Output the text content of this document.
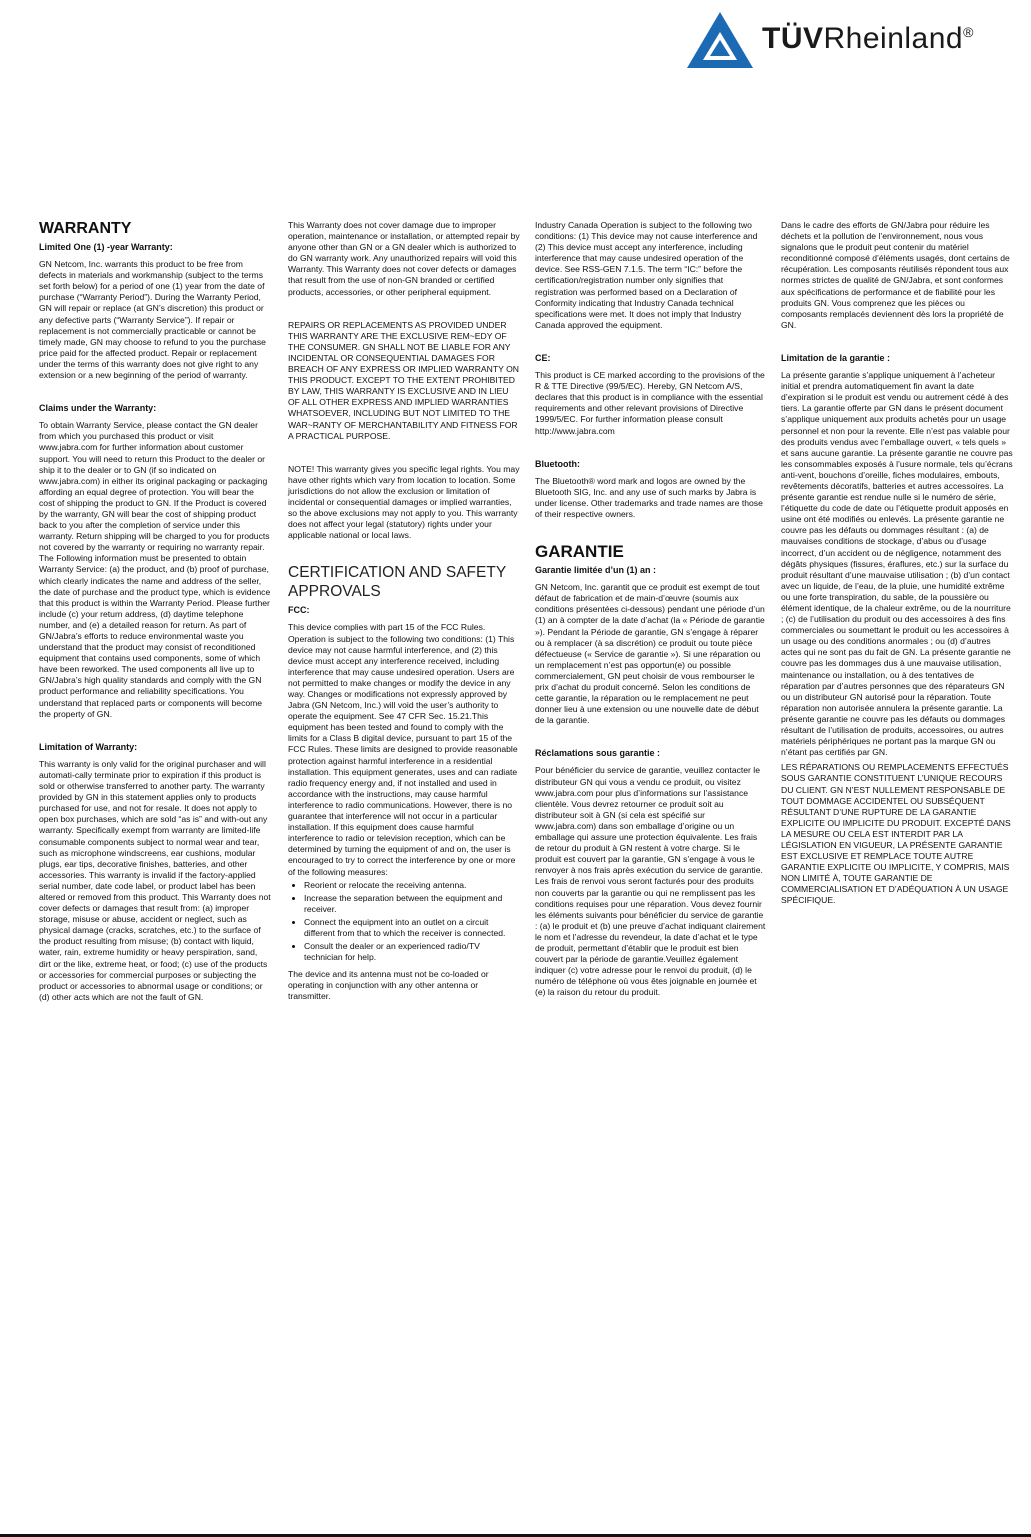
TÜVRheinland®
WARRANTY
Limited One (1) -year Warranty:

GN Netcom, Inc. warrants this product to be free from defects in materials and workmanship (subject to the terms set forth below) for a period of one (1) year from the date of purchase (“Warranty Period”). During the Warranty Period, GN will repair or replace (at GN’s discretion) this product or any defective parts (“Warranty Service”). If repair or replacement is not commercially practicable or cannot be timely made, GN may choose to refund to you the purchase price paid for the affected product. Repair or replacement under the terms of this warranty does not give right to any extension or a new beginning of the period of warranty.

Claims under the Warranty:

To obtain Warranty Service, please contact the GN dealer from which you purchased this product or visit www.jabra.com for further information about customer support. You will need to return this Product to the dealer or ship it to the dealer or to GN (if so indicated on www.jabra.com) in either its original packaging or packaging affording an equal degree of protection. You will bear the cost of shipping the product to GN. If the Product is covered by the warranty, GN will bear the cost of shipping product back to you after the completion of service under this warranty. Return shipping will be charged to you for products not covered by the warranty or requiring no warranty repair. The Following information must be presented to obtain Warranty Service: (a) the product, and (b) proof of purchase, which clearly indicates the name and address of the seller, the date of purchase and the product type, which is evidence that this product is within the Warranty Period. Please further include (c) your return address, (d) daytime telephone number, and (e) a detailed reason for return. As part of GN/Jabra’s efforts to reduce environmental waste you understand that the product may consist of reconditioned equipment that contains used components, some of which have been reworked. The used components all live up to GN/Jabra’s high quality standards and comply with the GN product performance and reliability specifications. You understand that replaced parts or components will become the property of GN.

Limitation of Warranty:

This warranty is only valid for the original purchaser and will automati-cally terminate prior to expiration if this product is sold or otherwise transferred to another party. The warranty provided by GN in this statement applies only to products purchased for use, and not for resale. It does not apply to open box purchases, which are sold “as is” and with-out any warranty. Specifically exempt from warranty are limited-life consumable components subject to normal wear and tear, such as microphone windscreens, ear cushions, modular plugs, ear tips, decorative finishes, batteries, and other accessories. This warranty is invalid if the factory-applied serial number, date code label, or product label has been altered or removed from this product. This Warranty does not cover defects or damages that result from: (a) improper storage, misuse or abuse, accident or neglect, such as physical damage (cracks, scratches, etc.) to the surface of the product resulting from misuse; (b) contact with liquid, water, rain, extreme humidity or heavy perspiration, sand, dirt or the like, extreme heat, or food; (c) use of the products or accessories for commercial purposes or subjecting the product or accessories to abnormal usage or conditions; or (d) other acts which are not the fault of GN.

This Warranty does not cover damage due to improper operation, maintenance or installation, or attempted repair by anyone other than GN or a GN dealer which is authorized to do GN warranty work. Any unauthorized repairs will void this Warranty. This Warranty does not cover defects or damages that result from the use of non-GN branded or certified products, accessories, or other peripheral equipment.

REPAIRS OR REPLACEMENTS AS PROVIDED UNDER THIS WARRANTY ARE THE EXCLUSIVE REM~EDY OF THE CONSUMER. GN SHALL NOT BE LIABLE FOR ANY INCIDENTAL OR CONSEQUENTIAL DAMAGES FOR BREACH OF ANY EXPRESS OR IMPLIED WARRANTY ON THIS PRODUCT. EXCEPT TO THE EXTENT PROHIBITED BY LAW, THIS WARRANTY IS EXCLUSIVE AND IN LIEU OF ALL OTHER EXPRESS AND IMPLIED WARRANTIES WHATSOEVER, INCLUDING BUT NOT LIMITED TO THE WAR~RANTY OF MERCHANTABILITY AND FITNESS FOR A PRACTICAL PURPOSE.

NOTE! This warranty gives you specific legal rights. You may have other rights which vary from location to location. Some jurisdictions do not allow the exclusion or limitation of incidental or consequential damages or implied warranties, so the above exclusions may not apply to you. This warranty does not affect your legal (statutory) rights under your applicable national or local laws.

CERTIFICATION AND SAFETY APPROVALS
FCC:

This device complies with part 15 of the FCC Rules. Operation is subject to the following two conditions: (1) This device may not cause harmful interference, and (2) this device must accept any interference received, including interference that may cause undesired operation. Users are not permitted to make changes or modify the device in any way. Changes or modifications not expressly approved by Jabra (GN Netcom, Inc.) will void the user’s authority to operate the equipment. See 47 CFR Sec. 15.21.This equipment has been tested and found to comply with the limits for a Class B digital device, pursuant to part 15 of the FCC Rules. These limits are designed to provide reasonable protection against harmful interference in a residential installation. This equipment generates, uses and can radiate radio frequency energy and, if not installed and used in accordance with the instructions, may cause harmful interference to radio communications. However, there is no guarantee that interference will not occur in a particular installation. If this equipment does cause harmful interference to radio or television reception, which can be determined by turning the equipment of and on, the user is encouraged to try to correct the interference by one or more of the following measures:

• Reorient or relocate the receiving antenna.
• Increase the separation between the equipment and receiver.
• Connect the equipment into an outlet on a circuit different from that to which the receiver is connected.
• Consult the dealer or an experienced radio/TV technician for help.

The device and its antenna must not be co-loaded or operating in conjunction with any other antenna or transmitter.

Industry Canada Operation is subject to the following two conditions: (1) This device may not cause interference and (2) This device must accept any interference, including interference that may cause undesired operation of the device. See RSS-GEN 7.1.5. The term “IC:” before the certification/registration number only signifies that registration was performed based on a Declaration of Conformity indicating that Industry Canada technical specifications were met. It does not imply that Industry Canada approved the equipment.

CE:

This product is CE marked according to the provisions of the R & TTE Directive (99/5/EC). Hereby, GN Netcom A/S, declares that this product is in compliance with the essential requirements and other relevant provisions of Directive 1999/5/EC. For further information please consult http://www.jabra.com

Bluetooth:

The Bluetooth® word mark and logos are owned by the Bluetooth SIG, Inc. and any use of such marks by Jabra is under license. Other trademarks and trade names are those of their respective owners.

GARANTIE
Garantie limitée d’un (1) an :

GN Netcom, Inc. garantit que ce produit est exempt de tout défaut de fabrication et de main-d’œuvre (soumis aux conditions présentées ci-dessous) pendant une période d’un (1) an à compter de la date d’achat (la « Période de garantie »). Pendant la Période de garantie, GN s’engage à réparer ou à remplacer (à sa discrétion) ce produit ou toute pièce défectueuse (« Service de garantie »). Si une réparation ou un remplacement n’est pas opportun(e) ou possible commercialement, GN peut choisir de vous rembourser le prix d’achat du produit concerné. Selon les conditions de cette garantie, la réparation ou le remplacement ne peut donner lieu à une extension ou une nouvelle date de début de la garantie.

Réclamations sous garantie :

Pour bénéficier du service de garantie, veuillez contacter le distributeur GN qui vous a vendu ce produit, ou visitez www.jabra.com pour plus d’informations sur l’assistance clientèle. Vous devrez retourner ce produit soit au distributeur soit à GN (si cela est spécifié sur www.jabra.com) dans son emballage d’origine ou un emballage qui assure une protection équivalente. Les frais de retour du produit à GN restent à votre charge. Si le produit est couvert par la garantie, GN s’engage à vous le renvoyer à nos frais après exécution du service de garantie. Les frais de renvoi vous seront facturés pour des produits non couverts par la garantie ou qui ne remplissent pas les conditions requises pour une réparation. Vous devez fournir les éléments suivants pour bénéficier du service de garantie : (a) le produit et (b) une preuve d’achat indiquant clairement le nom et l’adresse du revendeur, la date d’achat et le type de produit, permettant d’établir que le produit est bien couvert par la période de garantie.Veuillez également indiquer (c) votre adresse pour le renvoi du produit, (d) le numéro de téléphone où vous êtes joignable en journée et (e) la raison du retour du produit.

Dans le cadre des efforts de GN/Jabra pour réduire les déchets et la pollution de l’environnement, nous vous signalons que le produit peut contenir du matériel reconditionné composé d’éléments usagés, dont certains de récupération. Les composants réutilisés répondent tous aux normes strictes de qualité de GN/Jabra, et sont conformes aux spécifications de performance et de fiabilité pour les produits GN. Vous comprenez que les pièces ou composants remplacés deviennent dès lors la propriété de GN.

Limitation de la garantie :

La présente garantie s’applique uniquement à l’acheteur initial et prendra automatiquement fin avant la date d’expiration si le produit est vendu ou autrement cédé à des tiers. La garantie offerte par GN dans le présent document s’applique uniquement aux produits achetés pour un usage personnel et non pour la revente. Elle n’est pas valable pour des produits vendus avec l’emballage ouvert, « tels quels » et sans aucune garantie. La présente garantie ne couvre pas les consommables exposés à l’usure normale, tels qu’écrans anti-vent, bouchons d’oreille, fiches modulaires, embouts, revêtements décoratifs, batteries et autres accessoires. La présente garantie est rendue nulle si le numéro de série, l’étiquette du code de date ou l’étiquette produit apposés en usine ont été modifiés ou enlevés. La présente garantie ne couvre pas les défauts ou dommages résultant : (a) de mauvaises conditions de stockage, d’abus ou d’usage incorrect, d’un accident ou de négligence, notamment des dégâts physiques (fissures, éraflures, etc.) sur la surface du produit résultant d’une mauvaise utilisation ; (b) d’un contact avec un liquide, de l’eau, de la pluie, une humidité extrême ou une forte transpiration, du sable, de la poussière ou élément identique, de la chaleur extrême, ou de la nourriture ; (c) de l’utilisation du produit ou des accessoires à des fins commerciales ou soumettant le produit ou les accessoires à un usage ou des conditions anormales ; ou (d) d’autres actes qui ne sont pas du fait de GN. La présente garantie ne couvre pas les dommages dus à une mauvaise utilisation, maintenance ou installation, ou à des tentatives de réparation par d’autres personnes que des réparateurs GN ou un distributeur GN autorisé pour la réparation. Toute réparation non autorisée annulera la présente garantie. La présente garantie ne couvre pas les défauts ou dommages résultant de l’utilisation de produits, accessoires, ou autres matériels périphériques ne portant pas la marque GN ou n’étant pas certifiés par GN.

LES RÉPARATIONS OU REMPLACEMENTS EFFECTUÉS SOUS GARANTIE CONSTITUENT L’UNIQUE RECOURS DU CLIENT. GN N’EST NULLEMENT RESPONSABLE DE TOUT DOMMAGE ACCIDENTEL OU SUBSÉQUENT RÉSULTANT D’UNE RUPTURE DE LA GARANTIE EXPLICITE OU IMPLICITE DU PRODUIT. EXCEPTÉ DANS LA MESURE OU CELA EST INTERDIT PAR LA LÉGISLATION EN VIGUEUR, LA PRÉSENTE GARANTIE EST EXCLUSIVE ET REMPLACE TOUTE AUTRE GARANTIE EXPLICITE OU IMPLICITE, Y COMPRIS, MAIS NON LIMITÉ À, TOUTE GARANTIE DE COMMERCIALISATION ET D’ADÉQUATION À UN USAGE SPÉCIFIQUE.
